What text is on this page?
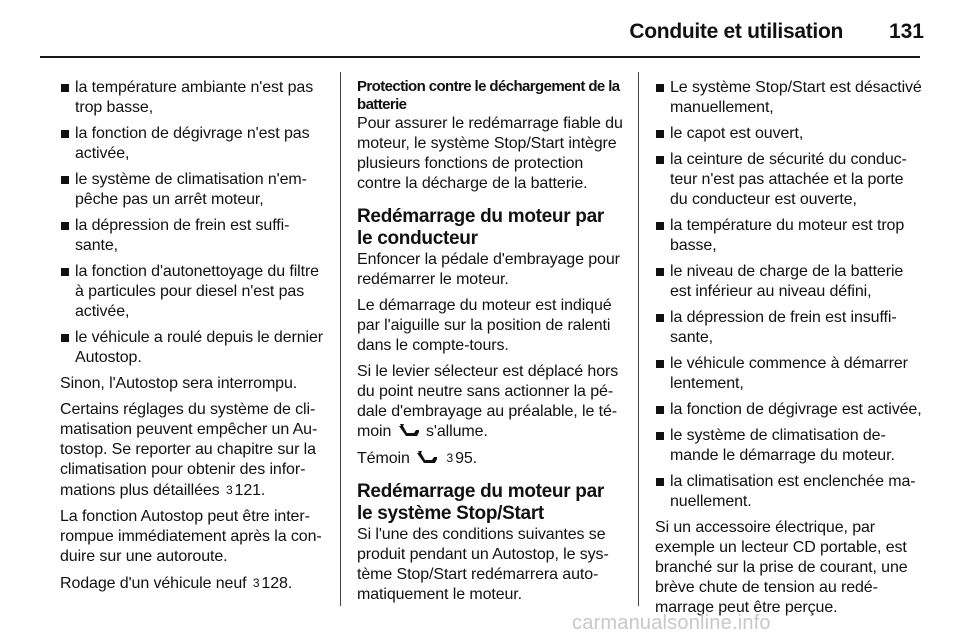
Conduite et utilisation 131
la température ambiante n'est pas trop basse,
la fonction de dégivrage n'est pas activée,
le système de climatisation n'empêche pas un arrêt moteur,
la dépression de frein est suffisante,
la fonction d'autonettoyage du filtre à particules pour diesel n'est pas activée,
le véhicule a roulé depuis le dernier Autostop.

Sinon, l'Autostop sera interrompu.

Certains réglages du système de climatisation peuvent empêcher un Autostop. Se reporter au chapitre sur la climatisation pour obtenir des informations plus détaillées 3 121.

La fonction Autostop peut être interrompue immédiatement après la conduire sur une autoroute.

Rodage d'un véhicule neuf 3 128.

Protection contre le déchargement de la batterie

Pour assurer le redémarrage fiable du moteur, le système Stop/Start intègre plusieurs fonctions de protection contre la décharge de la batterie.

Redémarrage du moteur par le conducteur

Enfoncer la pédale d'embrayage pour redémarrer le moteur.

Le démarrage du moteur est indiqué par l'aiguille sur la position de ralenti dans le compte-tours.

Si le levier sélecteur est déplacé hors du point neutre sans actionner la pédale d'embrayage au préalable, le témoin s'allume.

Témoin	3 95.

Redémarrage du moteur par le système Stop/Start

Si l'une des conditions suivantes se produit pendant un Autostop, le système Stop/Start redémarrera automatiquement le moteur.

Le système Stop/Start est désactivé manuellement,
le capot est ouvert,
la ceinture de sécurité du conducteur n'est pas attachée et la porte du conducteur est ouverte,
la température du moteur est trop basse,
le niveau de charge de la batterie est inférieur au niveau défini,
la dépression de frein est insuffisante,
le véhicule commence à démarrer lentement,
la fonction de dégivrage est activée,
le système de climatisation demande le démarrage du moteur.
la climatisation est enclenchée manuellement.

Si un accessoire électrique, par exemple un lecteur CD portable, est branché sur la prise de courant, une brève chute de tension au redémarrage peut être perçue.

carmanualsonline.info
